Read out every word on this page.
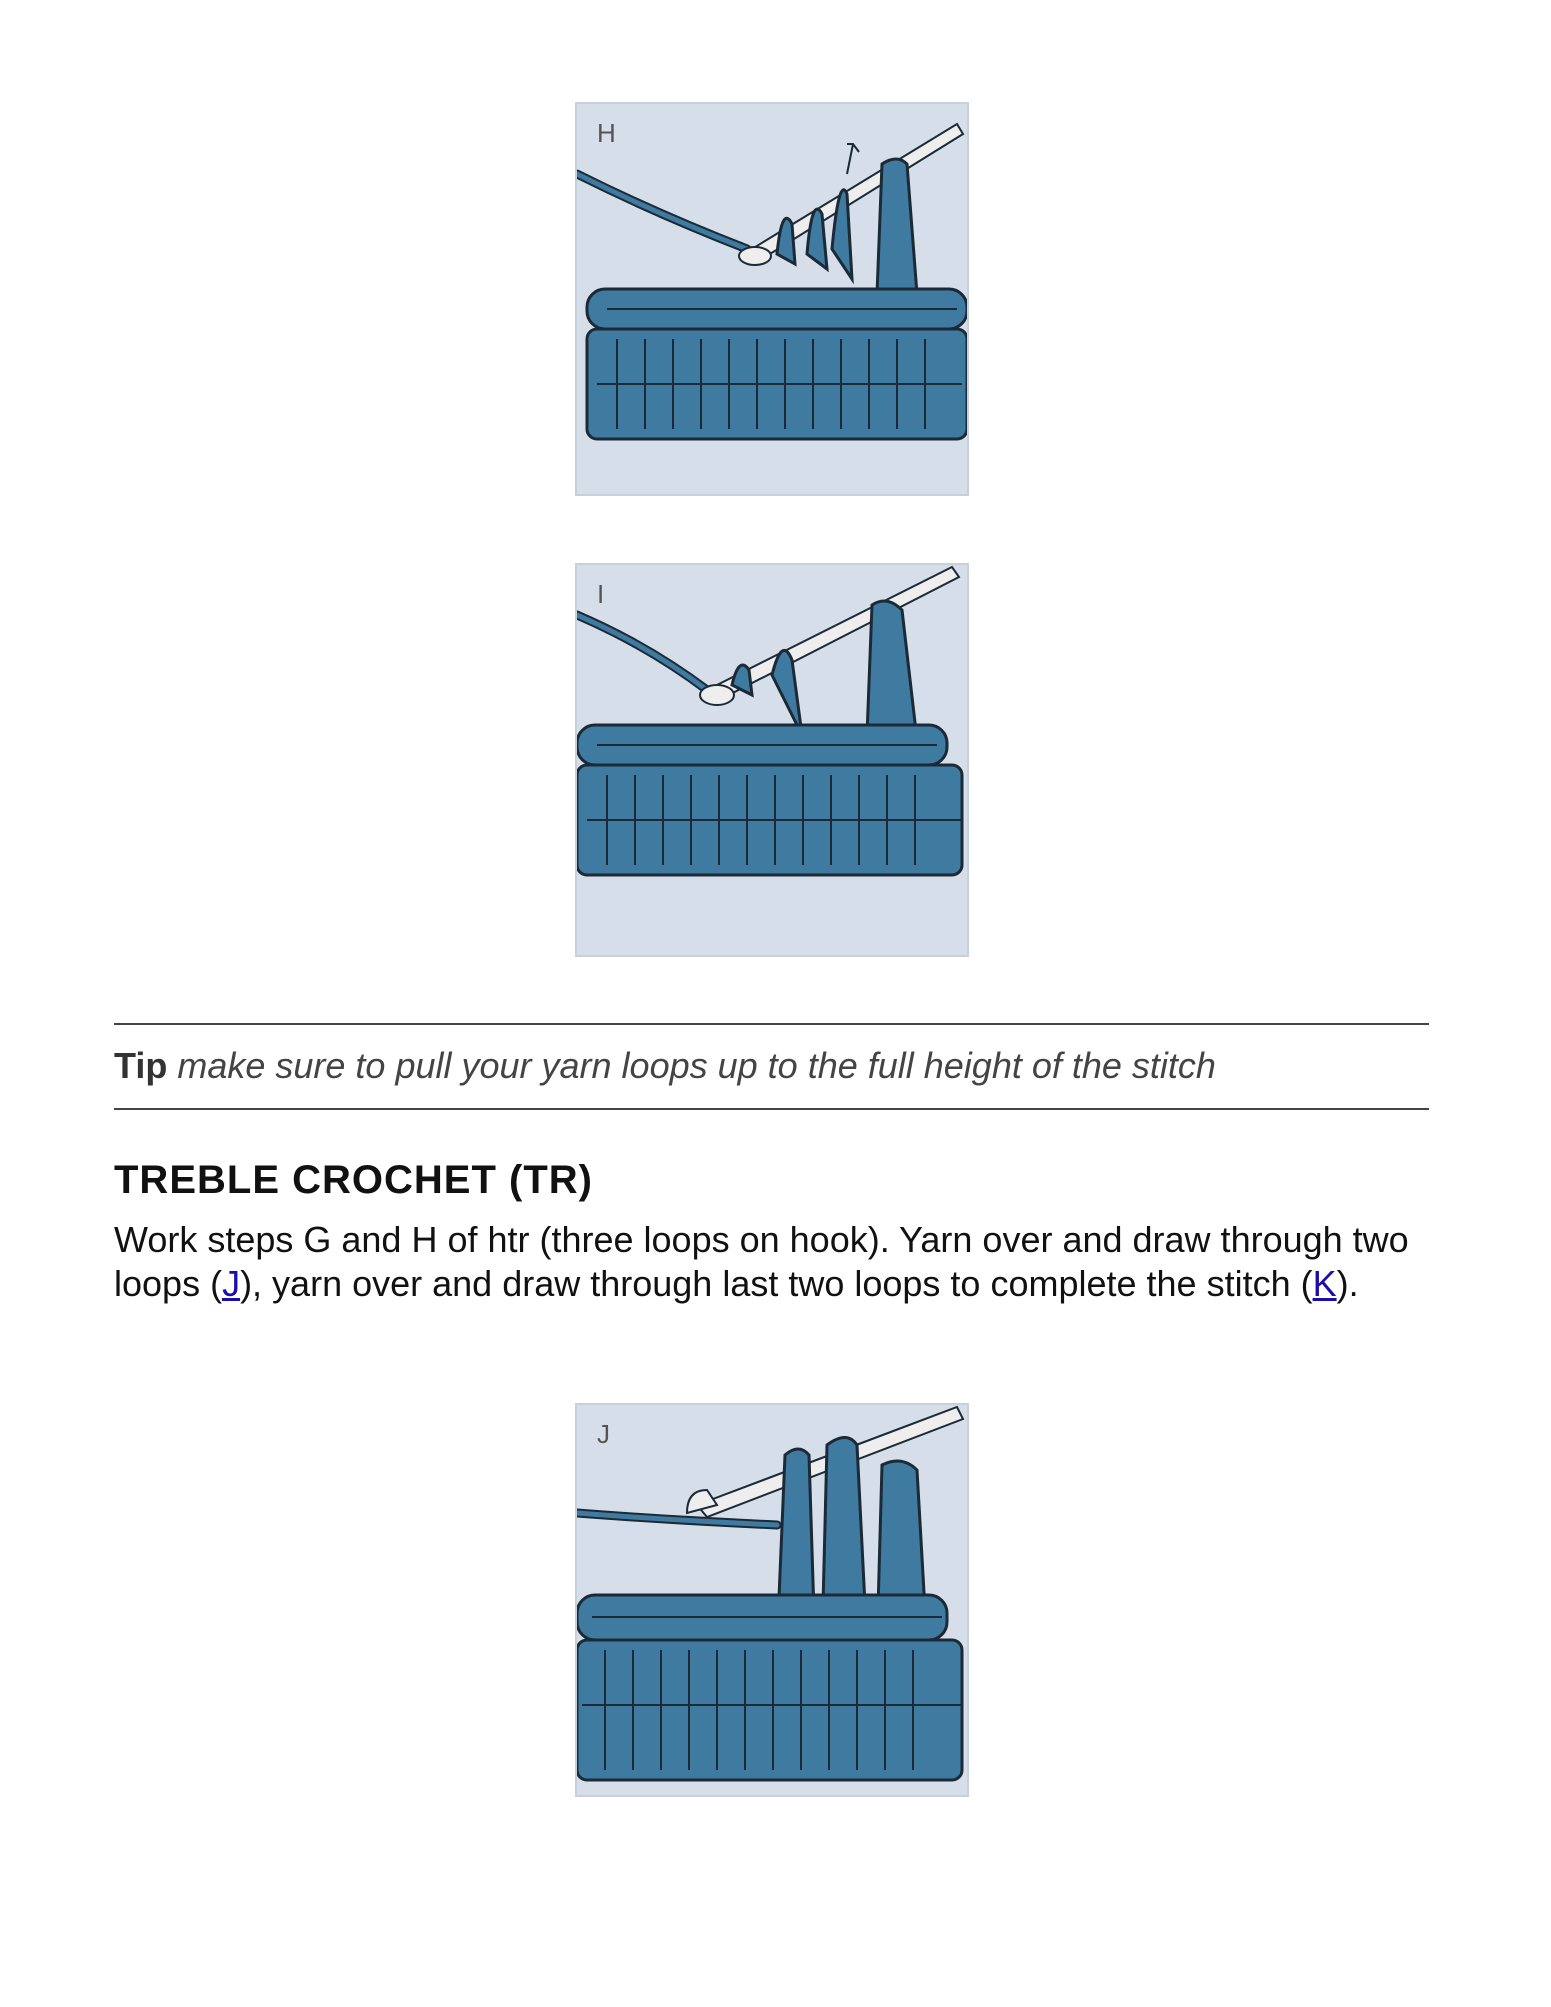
H
I
Tip make sure to pull your yarn loops up to the full height of the stitch
TREBLE CROCHET (TR)
Work steps G and H of htr (three loops on hook). Yarn over and draw through two loops (J), yarn over and draw through last two loops to complete the stitch (K).
J
